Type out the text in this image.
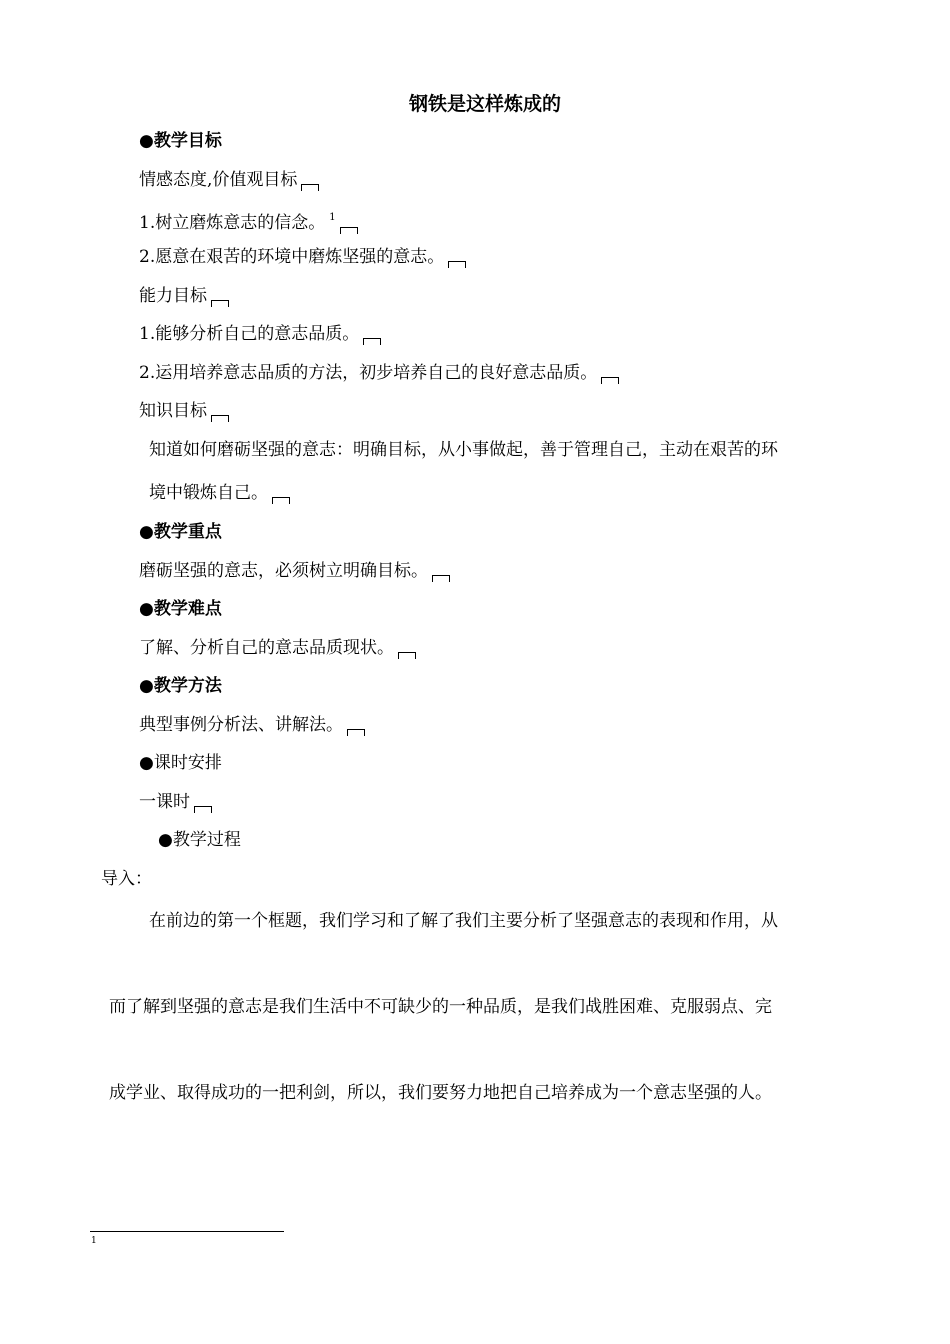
钢铁是这样炼成的
●教学目标
情感态度,价值观目标
1.树立磨炼意志的信念。 $^1$
2.愿意在艰苦的环境中磨炼坚强的意志。
能力目标
1.能够分析自己的意志品质。
2.运用培养意志品质的方法，初步培养自己的良好意志品质。
知识目标
知道如何磨砺坚强的意志：明确目标，从小事做起，善于管理自己，主动在艰苦的环
境中锻炼自己。
●教学重点
磨砺坚强的意志，必须树立明确目标。
●教学难点
了解、分析自己的意志品质现状。
●教学方法
典型事例分析法、讲解法。
●课时安排
一课时
●教学过程
导入：
在前边的第一个框题，我们学习和了解了我们主要分析了坚强意志的表现和作用，从
而了解到坚强的意志是我们生活中不可缺少的一种品质，是我们战胜困难、克服弱点、完
成学业、取得成功的一把利剑，所以，我们要努力地把自己培养成为一个意志坚强的人。
1
